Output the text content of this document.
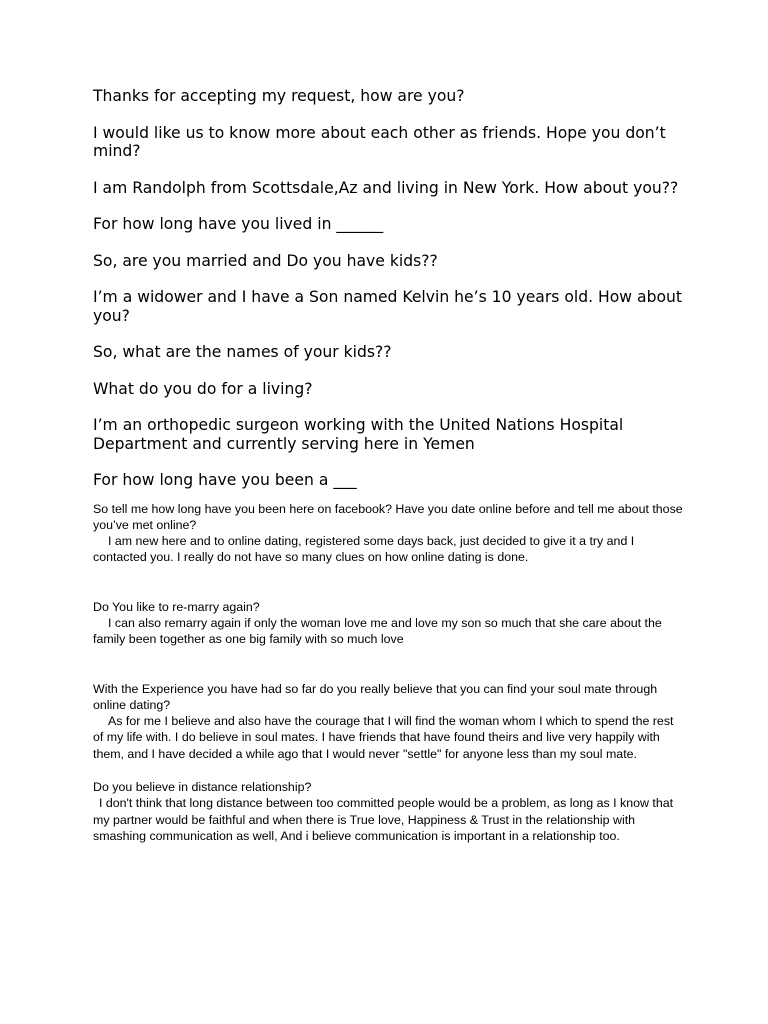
Thanks for accepting my request, how are you?

I would like us to know more about each other as friends. Hope you don’t mind?

I am Randolph from Scottsdale,Az and living in New York. How about you??

For how long have you lived in ______

So, are you married and Do you have kids??

I’m a widower and I have a Son named Kelvin he’s 10 years old. How about you?

So, what are the names of your kids??

What do you do for a living?

I’m an orthopedic surgeon working with the United Nations Hospital Department and currently serving here in Yemen

For how long have you been a ___

So tell me how long have you been here on facebook? Have you date online before and tell me about those you’ve met online?

I am new here and to online dating, registered some days back, just decided to give it a try and I contacted you. I really do not have so many clues on how online dating is done.

Do You like to re-marry again?

I can also remarry again if only the woman love me and love my son so much that she care about the family been together as one big family with so much love

With the Experience you have had so far do you really believe that you can find your soul mate through online dating?

As for me I believe and also have the courage that I will find the woman whom I which to spend the rest of my life with. I do believe in soul mates. I have friends that have found theirs and live very happily with them, and I have decided a while ago that I would never "settle" for anyone less than my soul mate.

Do you believe in distance relationship?

I don't think that long distance between too committed people would be a problem, as long as I know that my partner would be faithful and when there is True love, Happiness & Trust in the relationship with smashing communication as well, And i believe communication is important in a relationship too.
